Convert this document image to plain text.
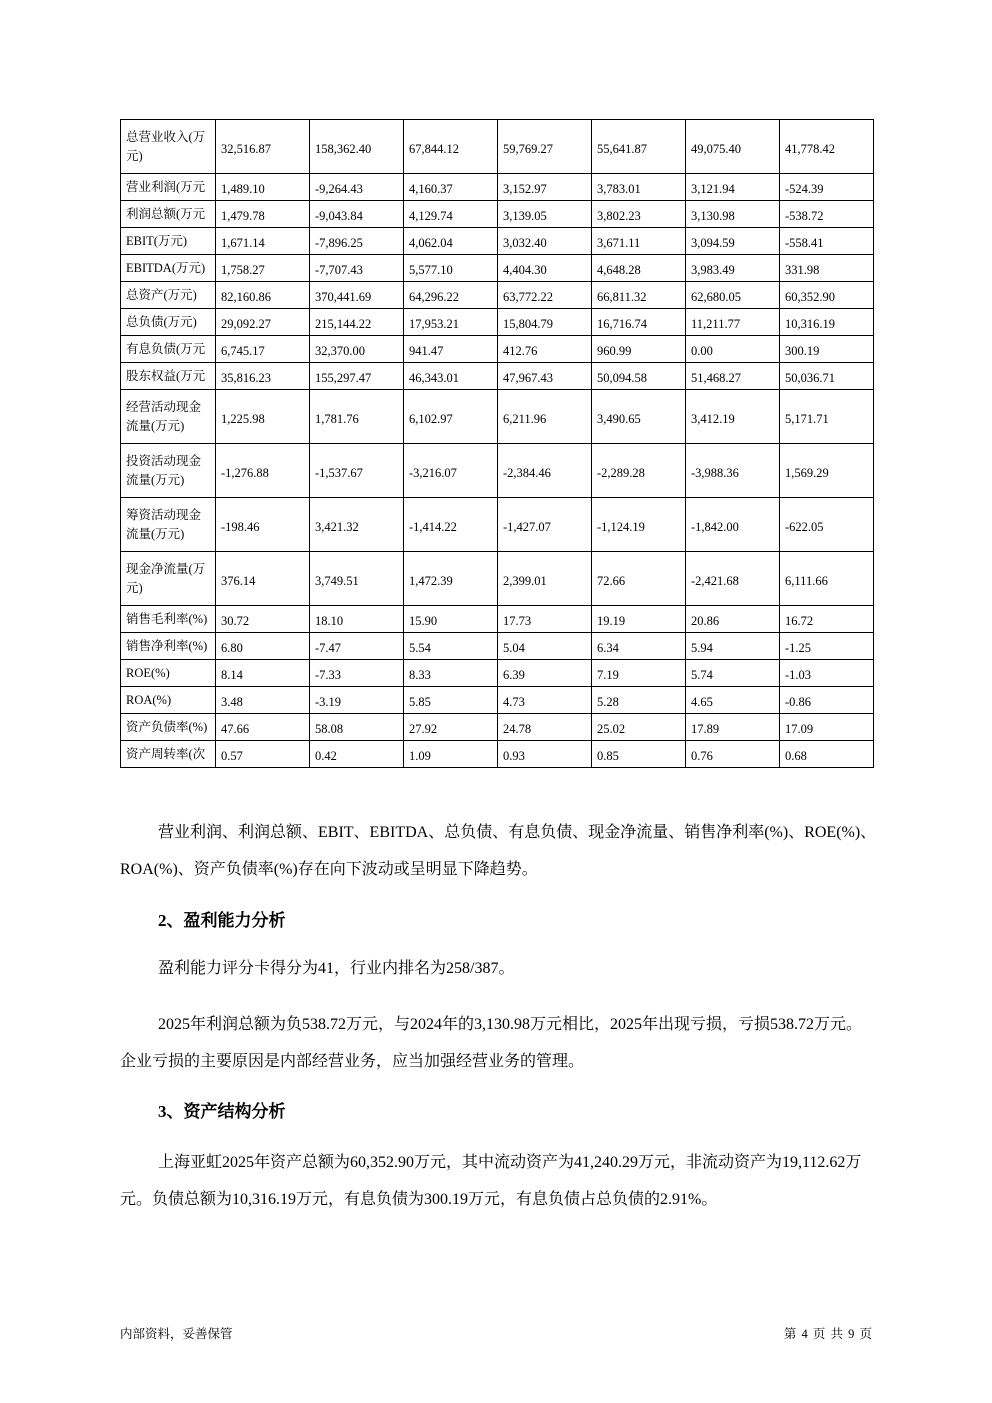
总营业收入(万元)	32,516.87	158,362.40	67,844.12	59,769.27	55,641.87	49,075.40	41,778.42
营业利润(万元	1,489.10	-9,264.43	4,160.37	3,152.97	3,783.01	3,121.94	-524.39
利润总额(万元	1,479.78	-9,043.84	4,129.74	3,139.05	3,802.23	3,130.98	-538.72
EBIT(万元)	1,671.14	-7,896.25	4,062.04	3,032.40	3,671.11	3,094.59	-558.41
EBITDA(万元)	1,758.27	-7,707.43	5,577.10	4,404.30	4,648.28	3,983.49	331.98
总资产(万元)	82,160.86	370,441.69	64,296.22	63,772.22	66,811.32	62,680.05	60,352.90
总负债(万元)	29,092.27	215,144.22	17,953.21	15,804.79	16,716.74	11,211.77	10,316.19
有息负债(万元	6,745.17	32,370.00	941.47	412.76	960.99	0.00	300.19
股东权益(万元	35,816.23	155,297.47	46,343.01	47,967.43	50,094.58	51,468.27	50,036.71
经营活动现金流量(万元)	1,225.98	1,781.76	6,102.97	6,211.96	3,490.65	3,412.19	5,171.71
投资活动现金流量(万元)	-1,276.88	-1,537.67	-3,216.07	-2,384.46	-2,289.28	-3,988.36	1,569.29
筹资活动现金流量(万元)	-198.46	3,421.32	-1,414.22	-1,427.07	-1,124.19	-1,842.00	-622.05
现金净流量(万元)	376.14	3,749.51	1,472.39	2,399.01	72.66	-2,421.68	6,111.66
销售毛利率(%)	30.72	18.10	15.90	17.73	19.19	20.86	16.72
销售净利率(%)	6.80	-7.47	5.54	5.04	6.34	5.94	-1.25
ROE(%)	8.14	-7.33	8.33	6.39	7.19	5.74	-1.03
ROA(%)	3.48	-3.19	5.85	4.73	5.28	4.65	-0.86
资产负债率(%)	47.66	58.08	27.92	24.78	25.02	17.89	17.09
资产周转率(次	0.57	0.42	1.09	0.93	0.85	0.76	0.68
营业利润、利润总额、EBIT、EBITDA、总负债、有息负债、现金净流量、销售净利率(%)、ROE(%)、ROA(%)、资产负债率(%)存在向下波动或呈明显下降趋势。
2、盈利能力分析
盈利能力评分卡得分为41，行业内排名为258/387。
2025年利润总额为负538.72万元，与2024年的3,130.98万元相比，2025年出现亏损，亏损538.72万元。 企业亏损的主要原因是内部经营业务，应当加强经营业务的管理。
3、资产结构分析
上海亚虹2025年资产总额为60,352.90万元，其中流动资产为41,240.29万元，非流动资产为19,112.62万元。负债总额为10,316.19万元，有息负债为300.19万元，有息负债占总负债的2.91%。
内部资料，妥善保管	第 4 页 共 9 页
